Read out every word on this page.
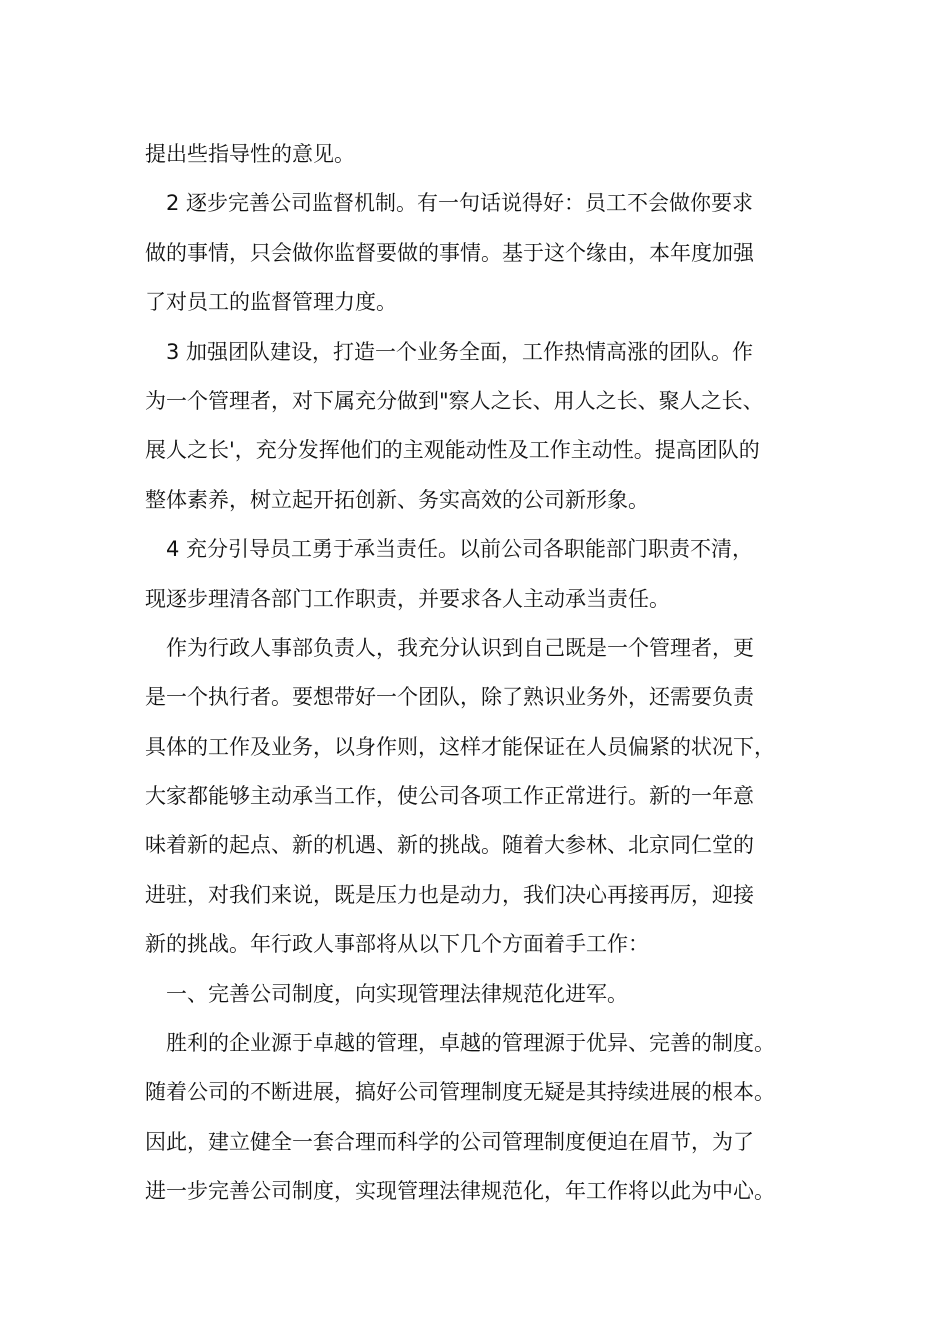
提出些指导性的意见。
　2 逐步完善公司监督机制。有一句话说得好：员工不会做你要求
做的事情，只会做你监督要做的事情。基于这个缘由，本年度加强
了对员工的监督管理力度。
　3 加强团队建设，打造一个业务全面，工作热情高涨的团队。作
为一个管理者，对下属充分做到"察人之长、用人之长、聚人之长、
展人之长'，充分发挥他们的主观能动性及工作主动性。提高团队的
整体素养，树立起开拓创新、务实高效的公司新形象。
　4 充分引导员工勇于承当责任。以前公司各职能部门职责不清，
现逐步理清各部门工作职责，并要求各人主动承当责任。
　作为行政人事部负责人，我充分认识到自己既是一个管理者，更
是一个执行者。要想带好一个团队，除了熟识业务外，还需要负责
具体的工作及业务，以身作则，这样才能保证在人员偏紧的状况下，
大家都能够主动承当工作，使公司各项工作正常进行。新的一年意
味着新的起点、新的机遇、新的挑战。随着大参林、北京同仁堂的
进驻，对我们来说，既是压力也是动力，我们决心再接再厉，迎接
新的挑战。年行政人事部将从以下几个方面着手工作：
　一、完善公司制度，向实现管理法律规范化进军。
　胜利的企业源于卓越的管理，卓越的管理源于优异、完善的制度。
随着公司的不断进展，搞好公司管理制度无疑是其持续进展的根本。
因此，建立健全一套合理而科学的公司管理制度便迫在眉节，为了
进一步完善公司制度，实现管理法律规范化，年工作将以此为中心。
